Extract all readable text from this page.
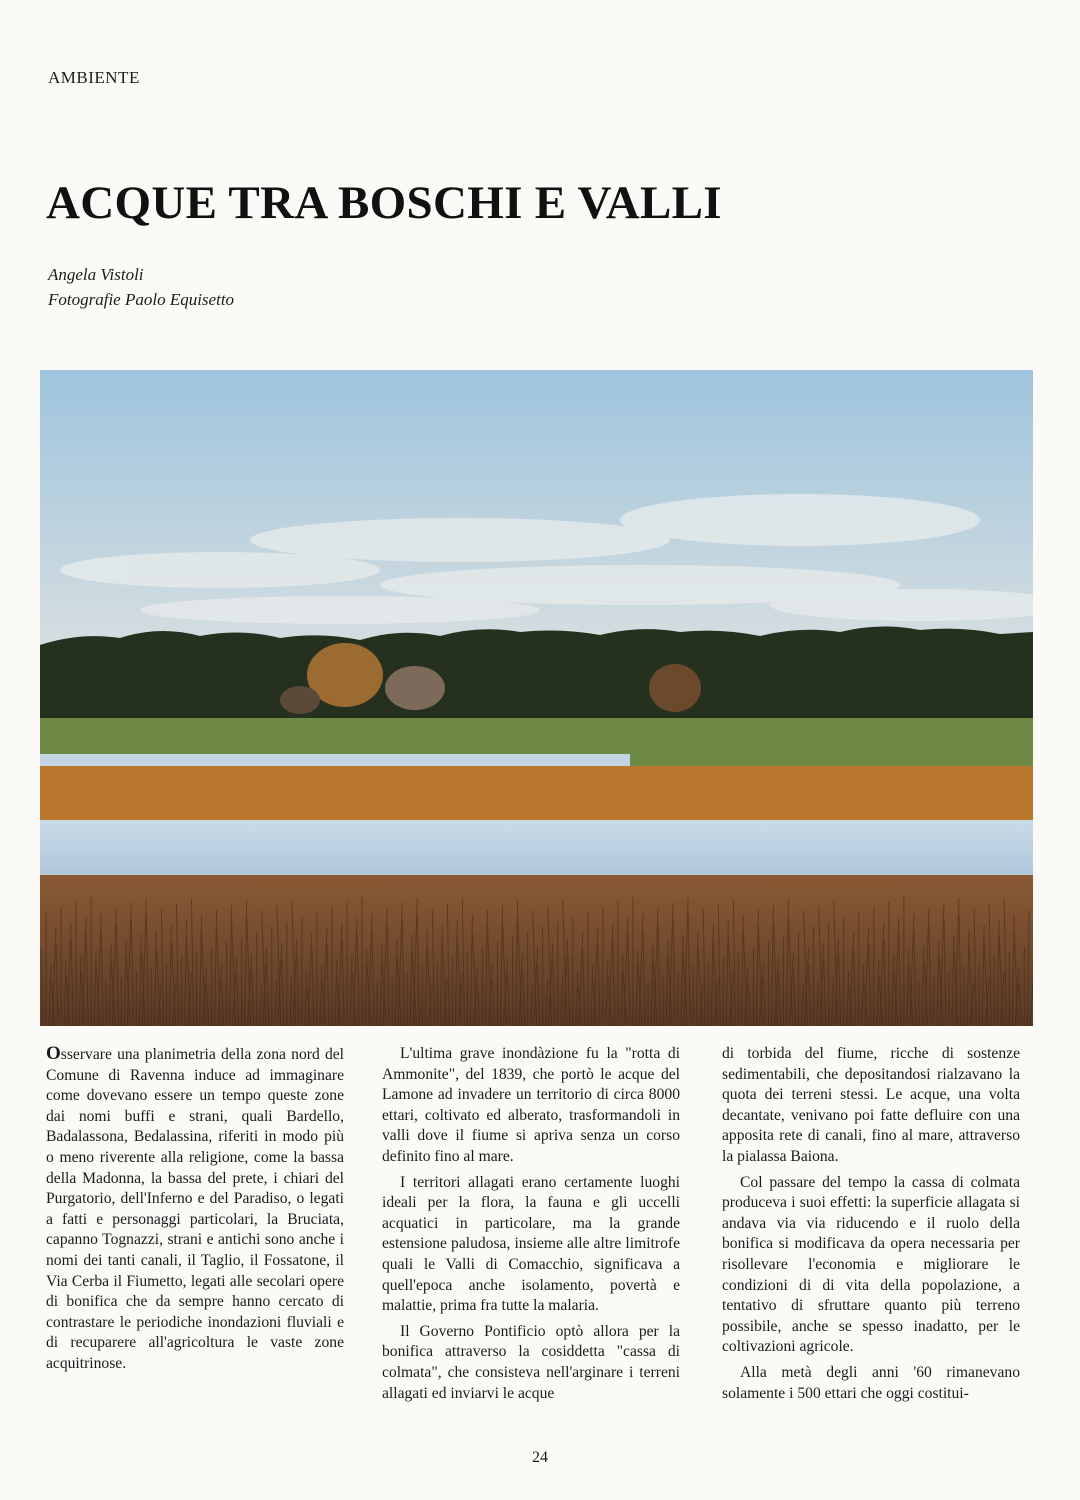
AMBIENTE
ACQUE TRA BOSCHI E VALLI
Angela Vistoli
Fotografie Paolo Equisetto

Osservare una planimetria della zona nord del Comune di Ravenna induce ad immaginare come dovevano essere un tempo queste zone dai nomi buffi e strani, quali Bardello, Badalassona, Bedalassina, riferiti in modo più o meno riverente alla religione, come la bassa della Madonna, la bassa del prete, i chiari del Purgatorio, dell'Inferno e del Paradiso, o legati a fatti e personaggi particolari, la Bruciata, capanno Tognazzi, strani e antichi sono anche i nomi dei tanti canali, il Taglio, il Fossatone, il Via Cerba il Fiumetto, legati alle secolari opere di bonifica che da sempre hanno cercato di contrastare le periodiche inondazioni fluviali e di recuparere all'agricoltura le vaste zone acquitrinose.

L'ultima grave inondàzione fu la "rotta di Ammonite", del 1839, che portò le acque del Lamone ad invadere un territorio di circa 8000 ettari, coltivato ed alberato, trasformandoli in valli dove il fiume si apriva senza un corso definito fino al mare.

I territori allagati erano certamente luoghi ideali per la flora, la fauna e gli uccelli acquatici in particolare, ma la grande estensione paludosa, insieme alle altre limitrofe quali le Valli di Comacchio, significava a quell'epoca anche isolamento, povertà e malattie, prima fra tutte la malaria.

Il Governo Pontificio optò allora per la bonifica attraverso la cosiddetta "cassa di colmata", che consisteva nell'arginare i terreni allagati ed inviarvi le acque

di torbida del fiume, ricche di sostenze sedimentabili, che depositandosi rialzavano la quota dei terreni stessi. Le acque, una volta decantate, venivano poi fatte defluire con una apposita rete di canali, fino al mare, attraverso la pialassa Baiona.

Col passare del tempo la cassa di colmata produceva i suoi effetti: la superficie allagata si andava via via riducendo e il ruolo della bonifica si modificava da opera necessaria per risollevare l'economia e migliorare le condizioni di di vita della popolazione, a tentativo di sfruttare quanto più terreno possibile, anche se spesso inadatto, per le coltivazioni agricole.

Alla metà degli anni '60 rimanevano solamente i 500 ettari che oggi costitui-

24
